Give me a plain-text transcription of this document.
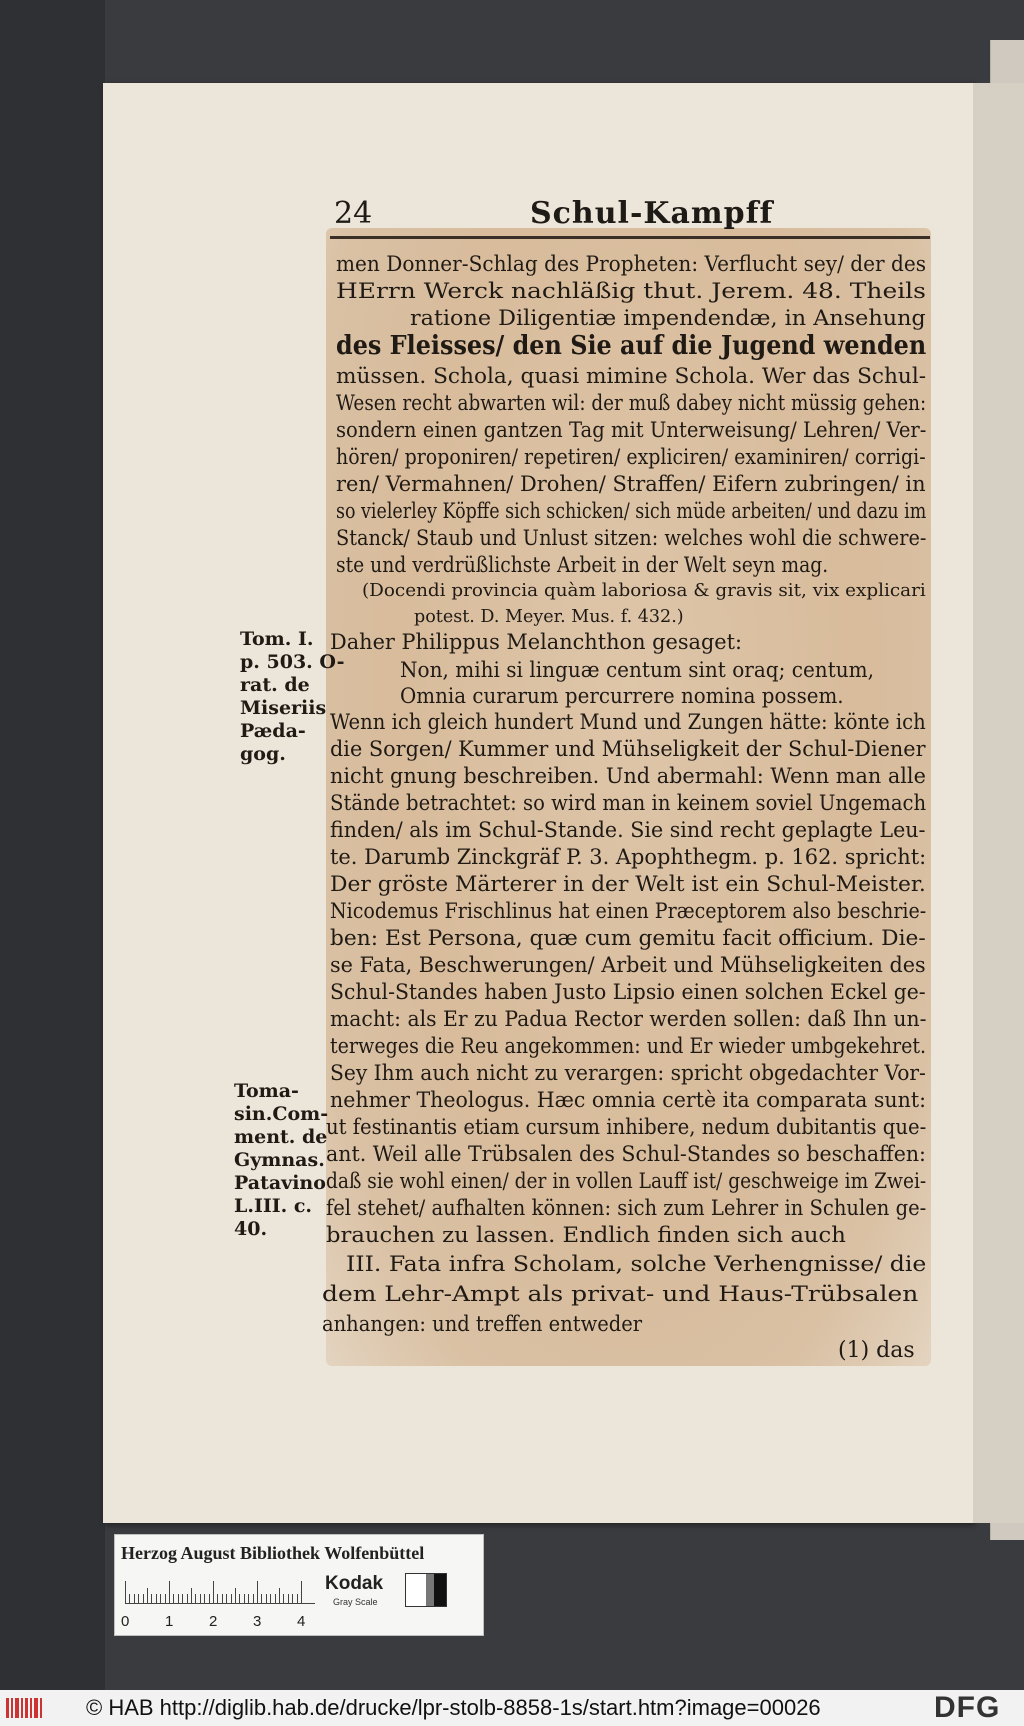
24	Schul-Kampff
men Donner-Schlag des Propheten: Verflucht sey/ der des
HErrn Werck nachläßig thut. Jerem. 48. Theils
ratione Diligentiæ impendendæ, in Ansehung
des Fleisses/ den Sie auf die Jugend wenden
müssen. Schola, quasi mimine Schola. Wer das Schul-
Wesen recht abwarten wil: der muß dabey nicht müssig gehen:
sondern einen gantzen Tag mit Unterweisung/ Lehren/ Ver-
hören/ proponiren/ repetiren/ expliciren/ examiniren/ corrigi-
ren/ Vermahnen/ Drohen/ Straffen/ Eifern zubringen/ in
so vielerley Köpffe sich schicken/ sich müde arbeiten/ und dazu im
Stanck/ Staub und Unlust sitzen: welches wohl die schwere-
ste und verdrüßlichste Arbeit in der Welt seyn mag.
(Docendi provincia quàm laboriosa & gravis sit, vix explicari
potest. D. Meyer. Mus. f. 432.)
Daher Philippus Melanchthon gesaget:
Non, mihi si linguæ centum sint oraq; centum,
Omnia curarum percurrere nomina possem.
Wenn ich gleich hundert Mund und Zungen hätte: könte ich
die Sorgen/ Kummer und Mühseligkeit der Schul-Diener
nicht gnung beschreiben. Und abermahl: Wenn man alle
Stände betrachtet: so wird man in keinem soviel Ungemach
finden/ als im Schul-Stande. Sie sind recht geplagte Leu-
te. Darumb Zinckgräf P. 3. Apophthegm. p. 162. spricht:
Der gröste Märterer in der Welt ist ein Schul-Meister.
Nicodemus Frischlinus hat einen Præceptorem also beschrie-
ben: Est Persona, quæ cum gemitu facit officium. Die-
se Fata, Beschwerungen/ Arbeit und Mühseligkeiten des
Schul-Standes haben Justo Lipsio einen solchen Eckel ge-
macht: als Er zu Padua Rector werden sollen: daß Ihn un-
terweges die Reu angekommen: und Er wieder umbgekehret.
Sey Ihm auch nicht zu verargen: spricht obgedachter Vor-
nehmer Theologus. Hæc omnia certè ita comparata sunt:
ut festinantis etiam cursum inhibere, nedum dubitantis que-
ant. Weil alle Trübsalen des Schul-Standes so beschaffen:
daß sie wohl einen/ der in vollen Lauff ist/ geschweige im Zwei-
fel stehet/ aufhalten können: sich zum Lehrer in Schulen ge-
brauchen zu lassen. Endlich finden sich auch
III. Fata infra Scholam, solche Verhengnisse/ die
dem Lehr-Ampt als privat- und Haus-Trübsalen
anhangen: und treffen entweder
Tom. I.
p. 503. O-
rat. de
Miseriis
Pæda-
gog.
Toma-
sin.Com-
ment. de
Gymnas.
Patavino
L.III. c.
40.
(1) das
Herzog August Bibliothek Wolfenbüttel
0 1 2 3 4
Kodak
Gray Scale
© HAB http://diglib.hab.de/drucke/lpr-stolb-8858-1s/start.htm?image=00026	DFG
